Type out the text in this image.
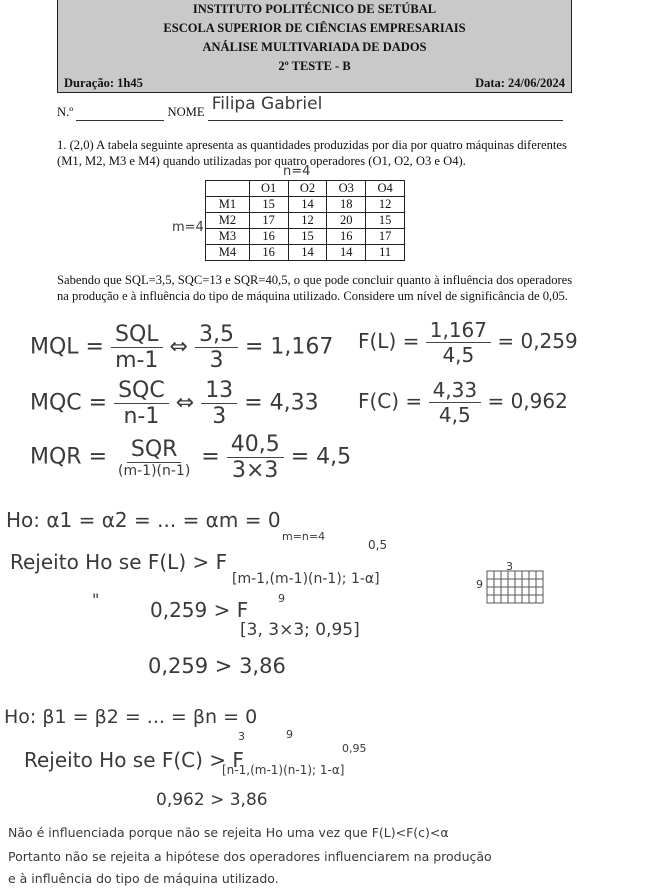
INSTITUTO POLITÉCNICO DE SETÚBAL
ESCOLA SUPERIOR DE CIÊNCIAS EMPRESARIAIS
ANÁLISE MULTIVARIADA DE DADOS
2º TESTE - B
Duração: 1h45	Data: 24/06/2024
N.º	NOME Filipa Gabriel

1. (2,0) A tabela seguinte apresenta as quantidades produzidas por dia por quatro máquinas diferentes
(M1, M2, M3 e M4) quando utilizadas por quatro operadores (O1, O2, O3 e O4).
n=4
m=4
	O1	O2	O3	O4
M1	15	14	18	12
M2	17	12	20	15
M3	16	15	16	17
M4	16	14	14	11
Sabendo que SQL=3,5, SQC=13 e SQR=40,5, o que pode concluir quanto à influência dos operadores
na produção e à influência do tipo de máquina utilizado. Considere um nível de significância de 0,05.
MQL = $\frac{\text{SQL}}{m-1}$ ⇔ $\frac{3,5}{3} = 1,167$ $F(L) = \frac{1,167}{4,5} = 0,259$
MQC = $\frac{\text{SQC}}{n-1}$ ⇔ $\frac{13}{3} = 4,33$ $F(C) = \frac{4,33}{4,5} = 0,962$
MQR = $\frac{\text{SQR}}{(m-1)(n-1)} = \frac{40,5}{3\times 3} = 4,5$
Ho: α1 = α2 = ... = αm = 0
m=n=4
0,5
Rejeito Ho se F(L) > F
[m-1,(m-1)(n-1); 1-α]
"	0,259 > F	9
[3, 3×3; 0,95]
0,259 > 3,86
3
9
Ho: β1 = β2 = ... = βn = 0
3	9
0,95
Rejeito Ho se F(C) > F
[n-1,(m-1)(n-1); 1-α]
0,962 > 3,86
Não é influenciada porque não se rejeita Ho uma vez que F(L)<F(c)<α
Portanto não se rejeita a hipótese dos operadores influenciarem na produção
e à influência do tipo de máquina utilizado.
